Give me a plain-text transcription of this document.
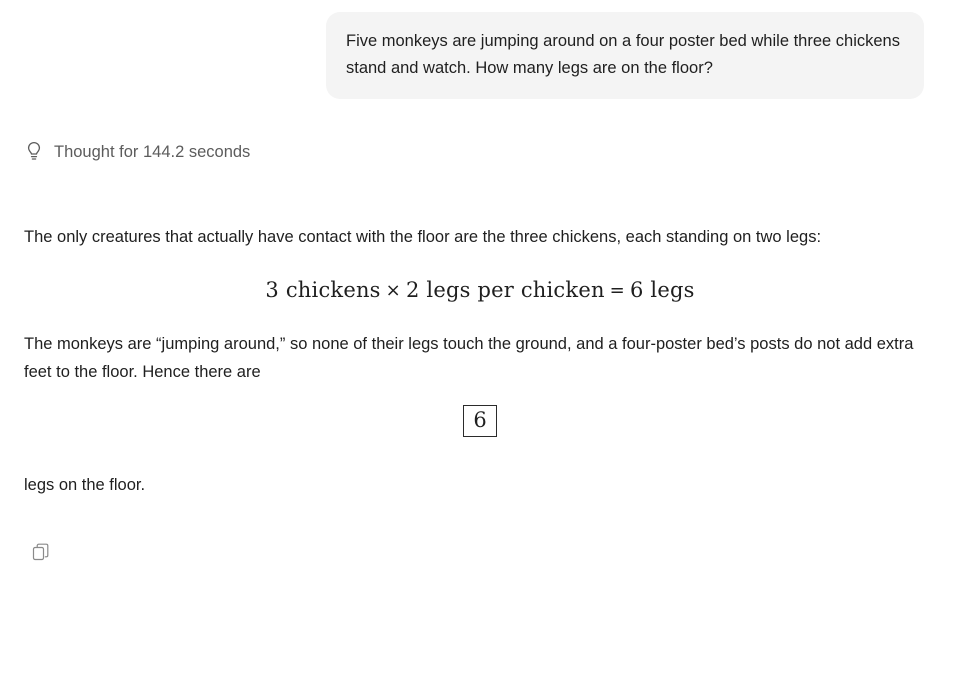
Five monkeys are jumping around on a four poster bed while three chickens stand and watch. How many legs are on the floor?
Thought for 144.2 seconds

The only creatures that actually have contact with the floor are the three chickens, each standing on two legs:

3 chickens × 2 legs per chicken = 6 legs

The monkeys are “jumping around,” so none of their legs touch the ground, and a four-poster bed’s posts do not add extra feet to the floor. Hence there are

6

legs on the floor.
